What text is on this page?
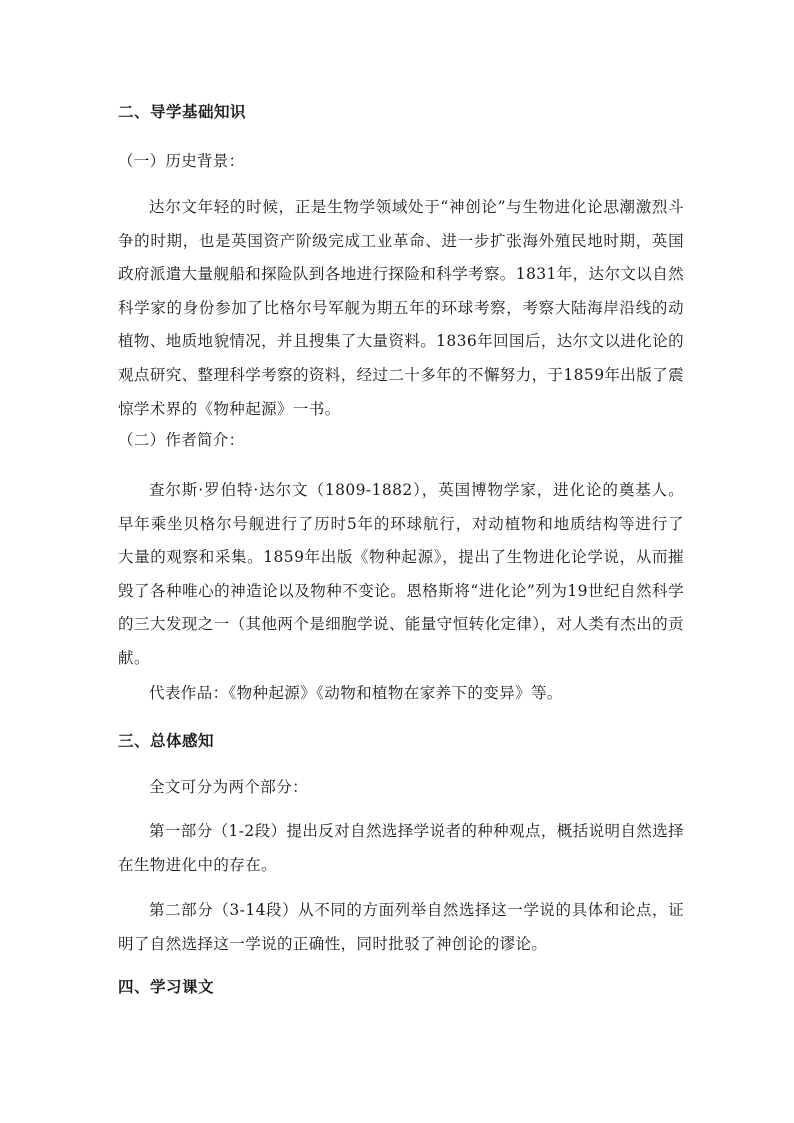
二、导学基础知识
（一）历史背景：

达尔文年轻的时候，正是生物学领域处于“神创论”与生物进化论思潮激烈斗争的时期，也是英国资产阶级完成工业革命、进一步扩张海外殖民地时期，英国政府派遣大量舰船和探险队到各地进行探险和科学考察。1831年，达尔文以自然科学家的身份参加了比格尔号军舰为期五年的环球考察，考察大陆海岸沿线的动植物、地质地貌情况，并且搜集了大量资料。1836年回国后，达尔文以进化论的观点研究、整理科学考察的资料，经过二十多年的不懈努力，于1859年出版了震惊学术界的《物种起源》一书。

（二）作者简介：

查尔斯·罗伯特·达尔文（1809-1882），英国博物学家，进化论的奠基人。早年乘坐贝格尔号舰进行了历时5年的环球航行，对动植物和地质结构等进行了大量的观察和采集。1859年出版《物种起源》，提出了生物进化论学说，从而摧毁了各种唯心的神造论以及物种不变论。恩格斯将“进化论”列为19世纪自然科学的三大发现之一（其他两个是细胞学说、能量守恒转化定律），对人类有杰出的贡献。

代表作品：《物种起源》《动物和植物在家养下的变异》等。

三、总体感知

全文可分为两个部分：

第一部分（1-2段）提出反对自然选择学说者的种种观点，概括说明自然选择在生物进化中的存在。

第二部分（3-14段）从不同的方面列举自然选择这一学说的具体和论点，证明了自然选择这一学说的正确性，同时批驳了神创论的谬论。

四、学习课文
